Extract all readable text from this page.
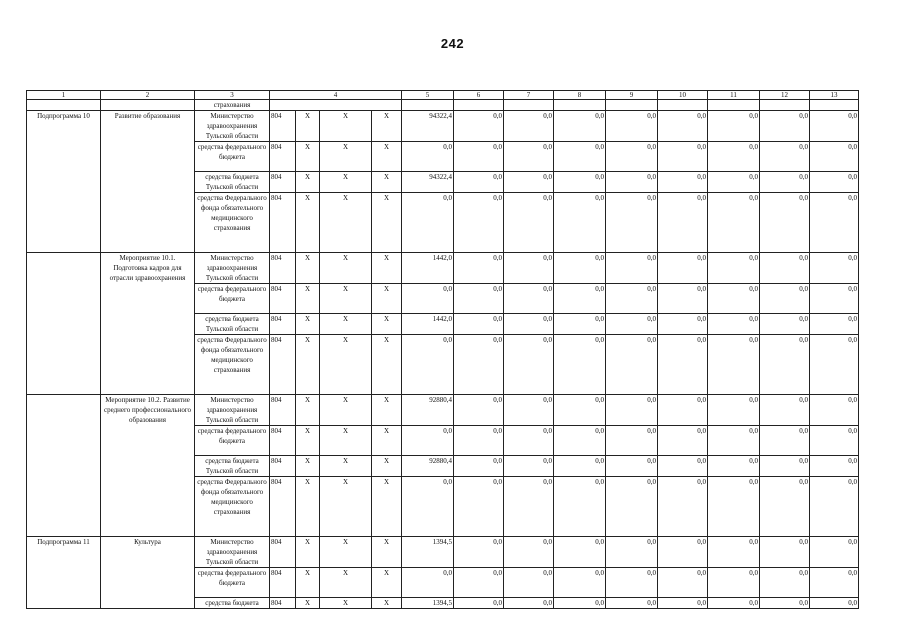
242
1	2	3	4				5	6	7	8	9	10	11	12	13
		страхования													
Подпрограмма 10	Развитие образования	Министерство здравоохранения Тульской области	804	X	X	X	94322,4	0,0	0,0	0,0	0,0	0,0	0,0	0,0	0,0
		средства федерального бюджета	804	X	X	X	0,0	0,0	0,0	0,0	0,0	0,0	0,0	0,0	0,0
		средства бюджета Тульской области	804	X	X	X	94322,4	0,0	0,0	0,0	0,0	0,0	0,0	0,0	0,0
		средства Федерального фонда обязательного медицинского страхования	804	X	X	X	0,0	0,0	0,0	0,0	0,0	0,0	0,0	0,0	0,0
	Мероприятие 10.1. Подготовка кадров для отрасли здравоохранения	Министерство здравоохранения Тульской области	804	X	X	X	1442,0	0,0	0,0	0,0	0,0	0,0	0,0	0,0	0,0
		средства федерального бюджета	804	X	X	X	0,0	0,0	0,0	0,0	0,0	0,0	0,0	0,0	0,0
		средства бюджета Тульской области	804	X	X	X	1442,0	0,0	0,0	0,0	0,0	0,0	0,0	0,0	0,0
		средства Федерального фонда обязательного медицинского страхования	804	X	X	X	0,0	0,0	0,0	0,0	0,0	0,0	0,0	0,0	0,0
	Мероприятие 10.2. Развитие среднего профессионального образования	Министерство здравоохранения Тульской области	804	X	X	X	92880,4	0,0	0,0	0,0	0,0	0,0	0,0	0,0	0,0
		средства федерального бюджета	804	X	X	X	0,0	0,0	0,0	0,0	0,0	0,0	0,0	0,0	0,0
		средства бюджета Тульской области	804	X	X	X	92880,4	0,0	0,0	0,0	0,0	0,0	0,0	0,0	0,0
		средства Федерального фонда обязательного медицинского страхования	804	X	X	X	0,0	0,0	0,0	0,0	0,0	0,0	0,0	0,0	0,0
Подпрограмма 11	Культура	Министерство здравоохранения Тульской области	804	X	X	X	1394,5	0,0	0,0	0,0	0,0	0,0	0,0	0,0	0,0
		средства федерального бюджета	804	X	X	X	0,0	0,0	0,0	0,0	0,0	0,0	0,0	0,0	0,0
		средства бюджета	804	X	X	X	1394,5	0,0	0,0	0,0	0,0	0,0	0,0	0,0	0,0
